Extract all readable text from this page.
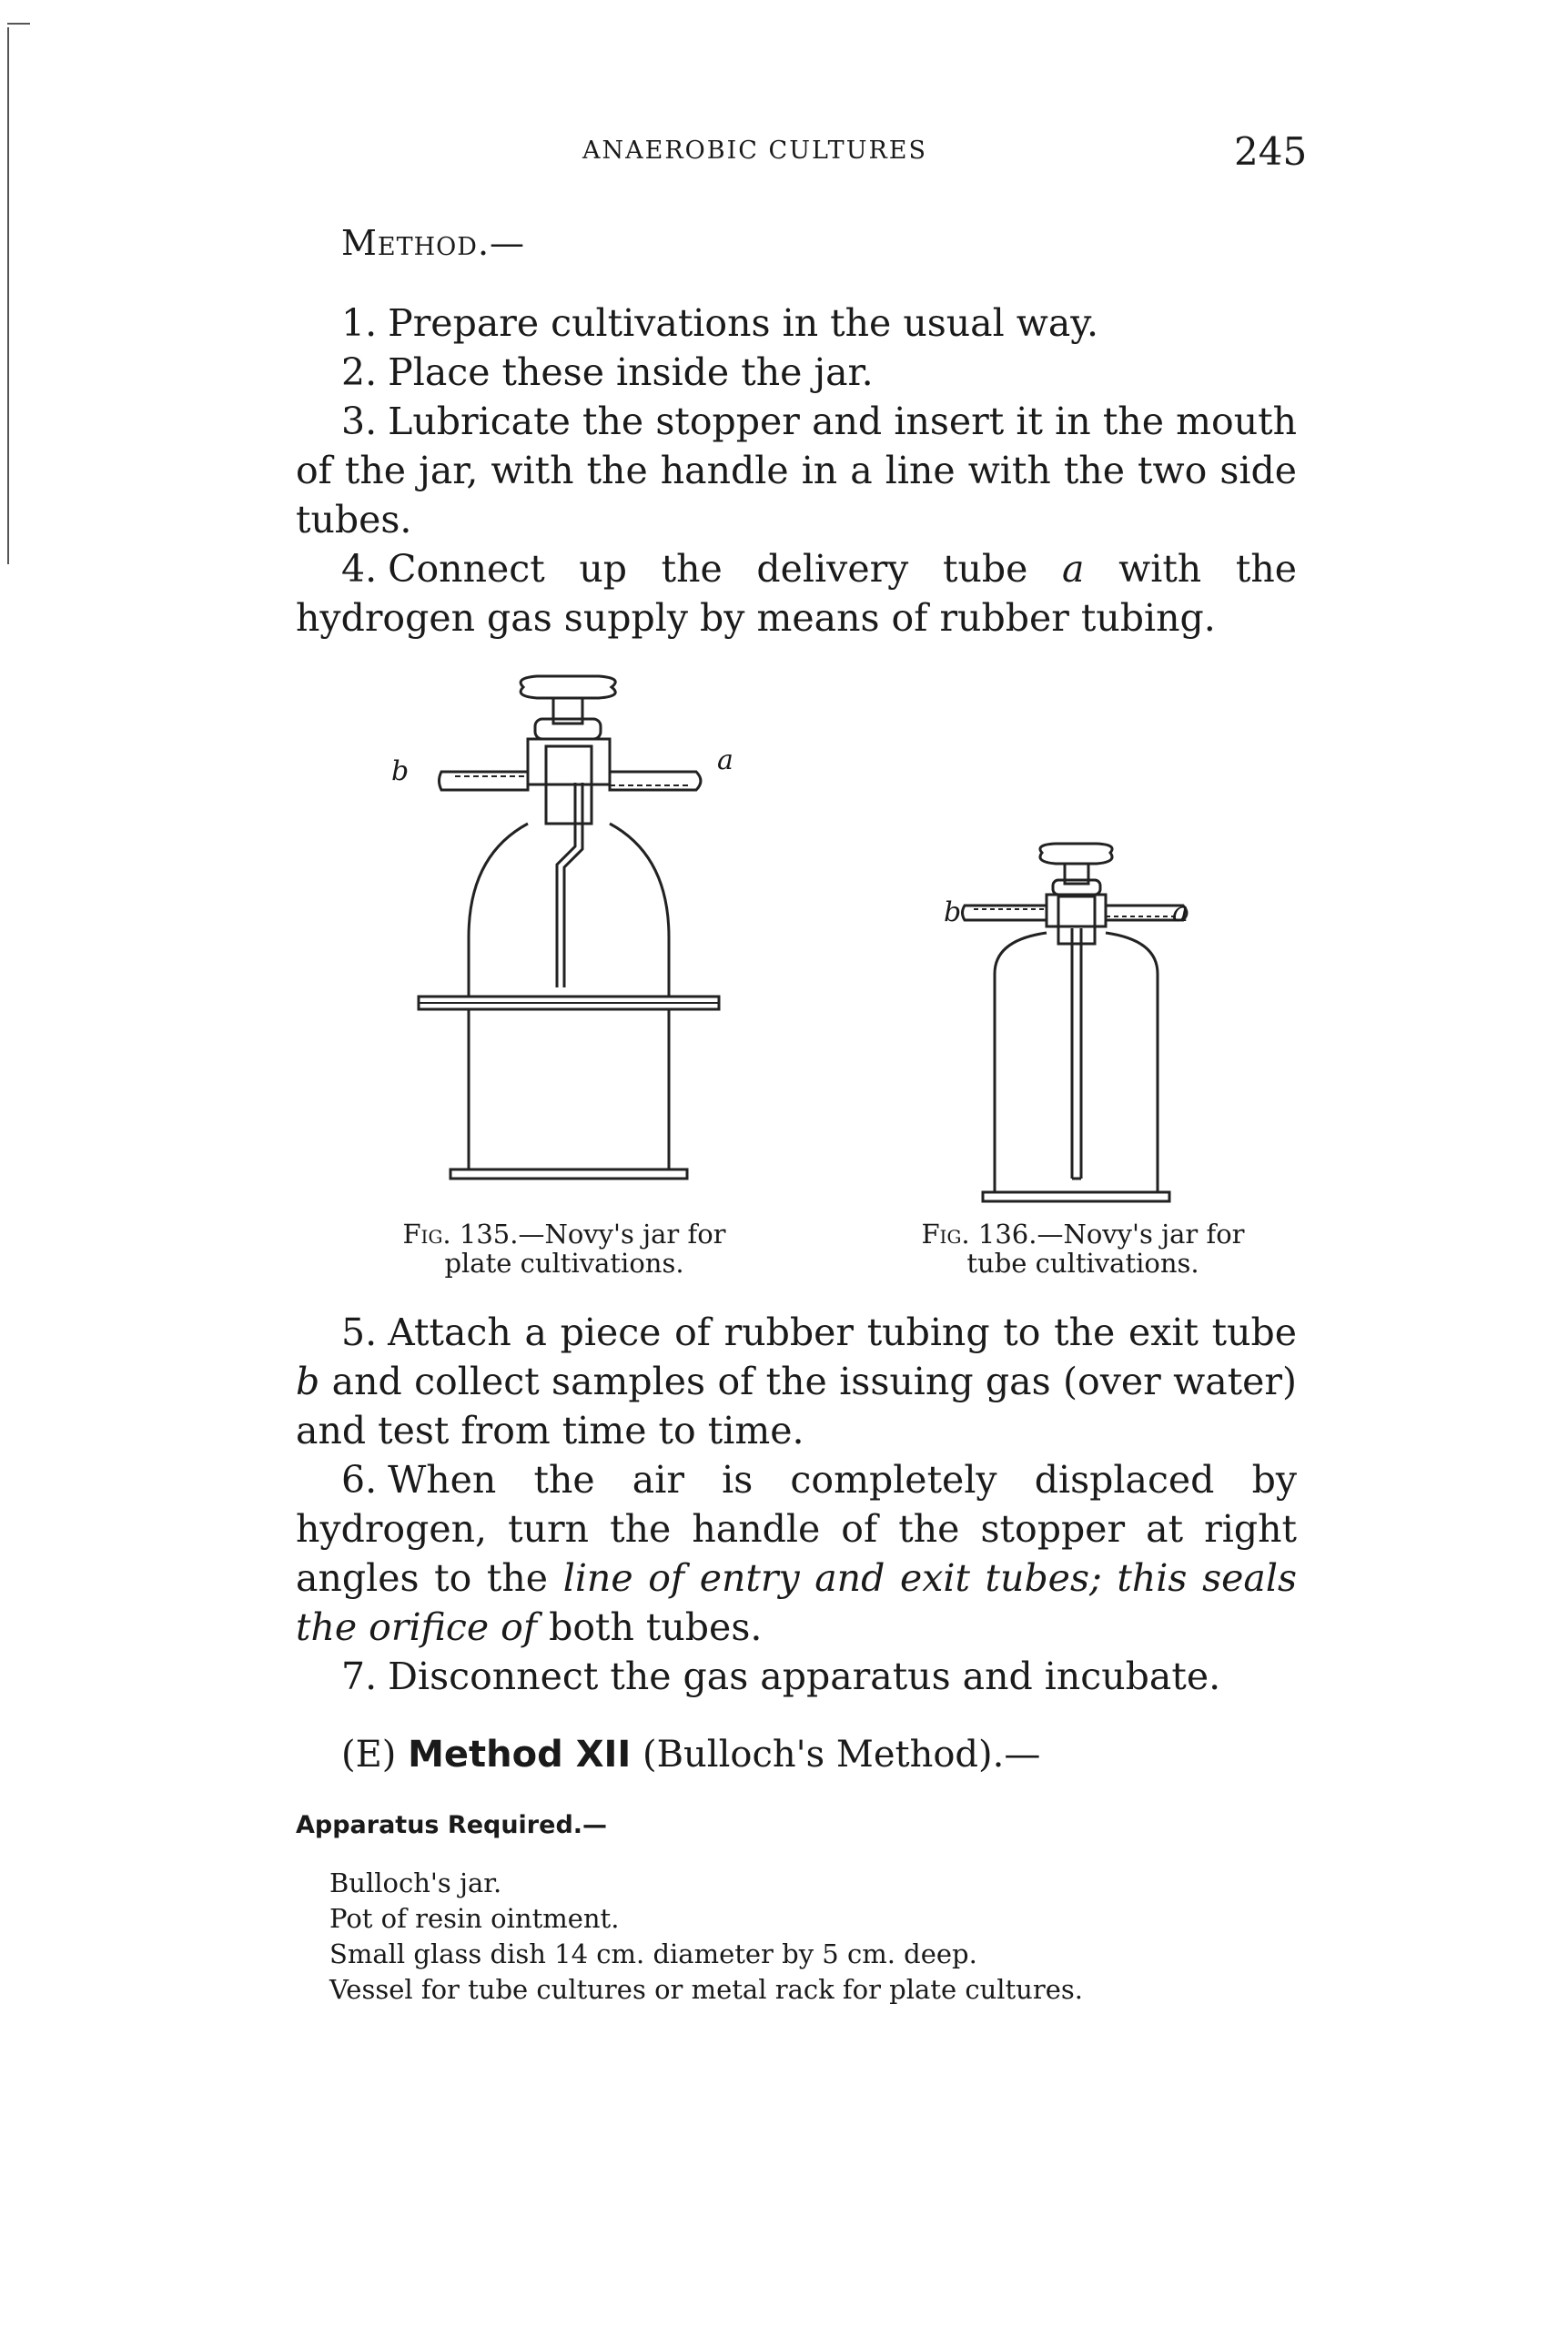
ANAEROBIC CULTURES	245
Method.—

1. Prepare cultivations in the usual way.

2. Place these inside the jar.

3. Lubricate the stopper and insert it in the mouth of the jar, with the handle in a line with the two side tubes.

4. Connect up the delivery tube a with the hydrogen gas supply by means of rubber tubing.

b	a
b	a
Fig. 135.—Novy's jar for
plate cultivations.
Fig. 136.—Novy's jar for
tube cultivations.

5. Attach a piece of rubber tubing to the exit tube b and collect samples of the issuing gas (over water) and test from time to time.

6. When the air is completely displaced by hydrogen, turn the handle of the stopper at right angles to the line of entry and exit tubes; this seals the orifice of both tubes.

7. Disconnect the gas apparatus and incubate.

(E) Method XII (Bulloch's Method).—
Apparatus Required.—
Bulloch's jar.
Pot of resin ointment.
Small glass dish 14 cm. diameter by 5 cm. deep.
Vessel for tube cultures or metal rack for plate cultures.
